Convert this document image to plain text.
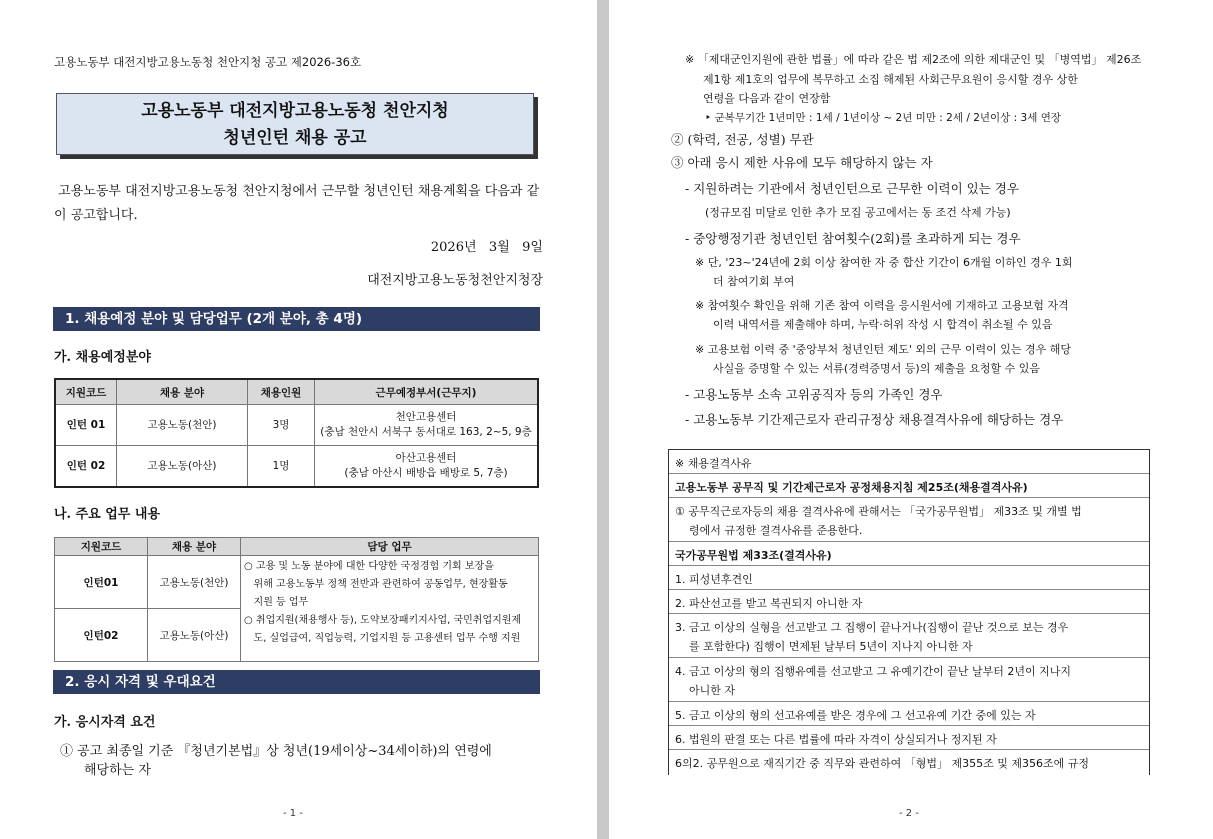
고용노동부 대전지방고용노동청 천안지청 공고 제2026-36호
고용노동부 대전지방고용노동청 천안지청
청년인턴 채용 공고
고용노동부 대전지방고용노동청 천안지청에서 근무할 청년인턴 채용계획을 다음과 같이 공고합니다.
2026년   3월   9일
대전지방고용노동청천안지청장
1. 채용예정 분야 및 담당업무 (2개 분야, 총 4명)
가. 채용예정분야
지원코드	채용 분야	채용인원	근무예정부서(근무지)
인턴 01	고용노동(천안)	3명	천안고용센터
(충남 천안시 서북구 동서대로 163, 2~5, 9층

인턴 02	고용노동(아산)	1명	아산고용센터
(충남 아산시 배방읍 배방로 5, 7층)
나. 주요 업무 내용
지원코드	채용 분야	담당 업무
인턴01	고용노동(천안)	○ 고용 및 노동 분야에 대한 다양한 국정경험 기회 보장을
위해 고용노동부 정책 전반과 관련하여 공동업무, 현장활동
지원 등 업무
○ 취업지원(채용행사 등), 도약보장패키지사업, 국민취업지원제
도, 실업급여, 직업능력, 기업지원 등 고용센터 업무 수행 지원

인턴02	고용노동(아산)	
2. 응시 자격 및 우대요건
가. 응시자격 요건
① 공고 최종일 기준 『청년기본법』상 청년(19세이상~34세이하)의 연령에
해당하는 자
- 1 -
※ 「제대군인지원에 관한 법률」에 따라 같은 법 제2조에 의한 제대군인 및 「병역법」 제26조
제1항 제1호의 업무에 복무하고 소집 해제된 사회근무요원이 응시할 경우 상한
연령을 다음과 같이 연장함
‣ 군복무기간 1년미만 : 1세 / 1년이상 ~ 2년 미만 : 2세 / 2년이상 : 3세 연장
② (학력, 전공, 성별) 무관
③ 아래 응시 제한 사유에 모두 해당하지 않는 자
- 지원하려는 기관에서 청년인턴으로 근무한 이력이 있는 경우
(정규모집 미달로 인한 추가 모집 공고에서는 동 조건 삭제 가능)
- 중앙행정기관 청년인턴 참여횟수(2회)를 초과하게 되는 경우
※ 단, '23~'24년에 2회 이상 참여한 자 중 합산 기간이 6개월 이하인 경우 1회
더 참여기회 부여
※ 참여횟수 확인을 위해 기존 참여 이력을 응시원서에 기재하고 고용보험 자격
이력 내역서를 제출해야 하며, 누락·허위 작성 시 합격이 취소될 수 있음
※ 고용보험 이력 중 '중앙부처 청년인턴 제도' 외의 근무 이력이 있는 경우 해당
사실을 증명할 수 있는 서류(경력증명서 등)의 제출을 요청할 수 있음
- 고용노동부 소속 고위공직자 등의 가족인 경우
- 고용노동부 기간제근로자 관리규정상 채용결격사유에 해당하는 경우
※ 채용결격사유
고용노동부 공무직 및 기간제근로자 공정채용지침 제25조(채용결격사유)
① 공무직근로자등의 채용 결격사유에 관해서는 「국가공무원법」 제33조 및 개별 법
령에서 규정한 결격사유를 준용한다.
국가공무원법 제33조(결격사유)
1. 피성년후견인
2. 파산선고를 받고 복권되지 아니한 자
3. 금고 이상의 실형을 선고받고 그 집행이 끝나거나(집행이 끝난 것으로 보는 경우
를 포함한다) 집행이 면제된 날부터 5년이 지나지 아니한 자
4. 금고 이상의 형의 집행유예를 선고받고 그 유예기간이 끝난 날부터 2년이 지나지
아니한 자
5. 금고 이상의 형의 선고유예를 받은 경우에 그 선고유예 기간 중에 있는 자
6. 법원의 판결 또는 다른 법률에 따라 자격이 상실되거나 정지된 자
6의2. 공무원으로 재직기간 중 직무와 관련하여 「형법」 제355조 및 제356조에 규정
- 2 -
